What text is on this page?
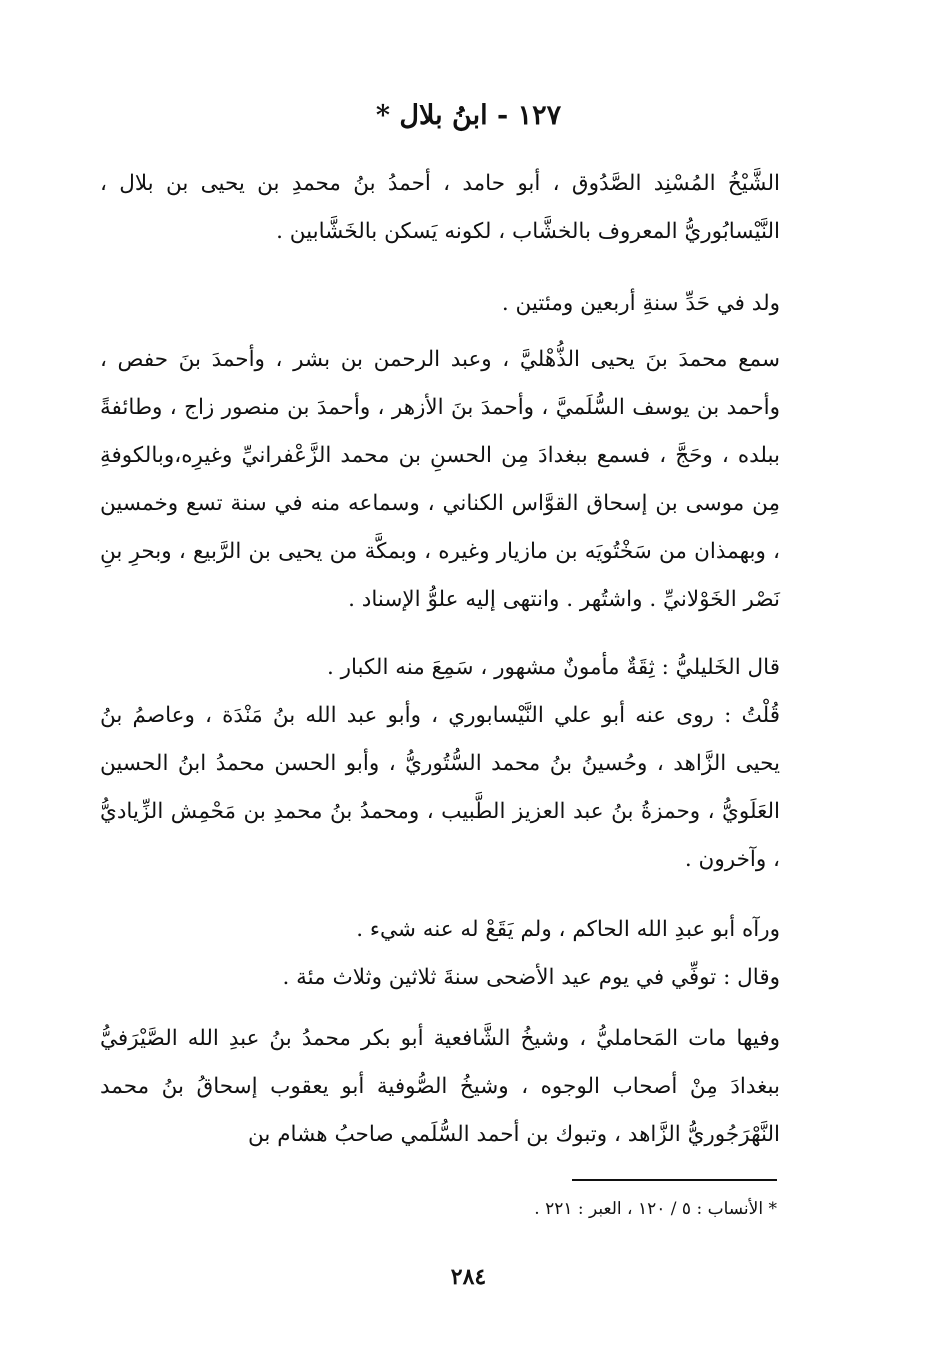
١٢٧ - ابنُ بلال *

الشَّيْخُ المُسْنِد الصَّدُوق ، أبو حامد ، أحمدُ بنُ محمدِ بن يحيى بن بلال ، النَّيْسابُوريُّ المعروف بالخشَّاب ، لكونه يَسكن بالخَشَّابين .

ولد في حَدِّ سنةِ أربعين ومئتين .

سمع محمدَ بنَ يحيى الذُّهْليَّ ، وعبد الرحمن بن بشر ، وأحمدَ بنَ حفص ، وأحمد بن يوسف السُّلَميَّ ، وأحمدَ بنَ الأزهر ، وأحمدَ بن منصور زاج ، وطائفةً ببلده ، وحَجَّ ، فسمع ببغدادَ مِن الحسنِ بن محمد الزَّعْفرانيِّ وغيرِه،وبالكوفةِ مِن موسى بن إسحاق القوَّاس الكناني ، وسماعه منه في سنة تسع وخمسين ، وبهمذان من سَخْتُويَه بن مازيار وغيره ، وبمكَّة من يحيى بن الرَّبيع ، وبحرِ بنِ نَصْر الخَوْلانيِّ . واشتُهر . وانتهى إليه علوُّ الإسناد .

قال الخَليليُّ : ثِقَةٌ مأمونٌ مشهور ، سَمِعَ منه الكبار .

قُلْتُ : روى عنه أبو علي النَّيْسابوري ، وأبو عبد الله بنُ مَنْدَة ، وعاصمُ بنُ يحيى الزَّاهد ، وحُسينُ بنُ محمد السُّتُوريُّ ، وأبو الحسن محمدُ ابنُ الحسين العَلَويُّ ، وحمزةُ بنُ عبد العزيز الطَّبيب ، ومحمدُ بنُ محمدِ بن مَحْمِش الزِّياديُّ ، وآخرون .

ورآه أبو عبدِ الله الحاكم ، ولم يَقَعْ له عنه شيء .

وقال : توفِّي في يوم عيد الأضحى سنةَ ثلاثين وثلاث مئة .

وفيها مات المَحامليُّ ، وشيخُ الشَّافعية أبو بكر محمدُ بنُ عبدِ الله الصَّيْرَفيُّ ببغدادَ مِنْ أصحاب الوجوه ، وشيخُ الصُّوفية أبو يعقوب إسحاقُ بنُ محمد النَّهْرَجُوريُّ الزَّاهد ، وتبوك بن أحمد السُّلَمي صاحبُ هشام بن

* الأنساب : ٥ / ١٢٠ ، العبر : ٢٢١ .
٢٨٤
